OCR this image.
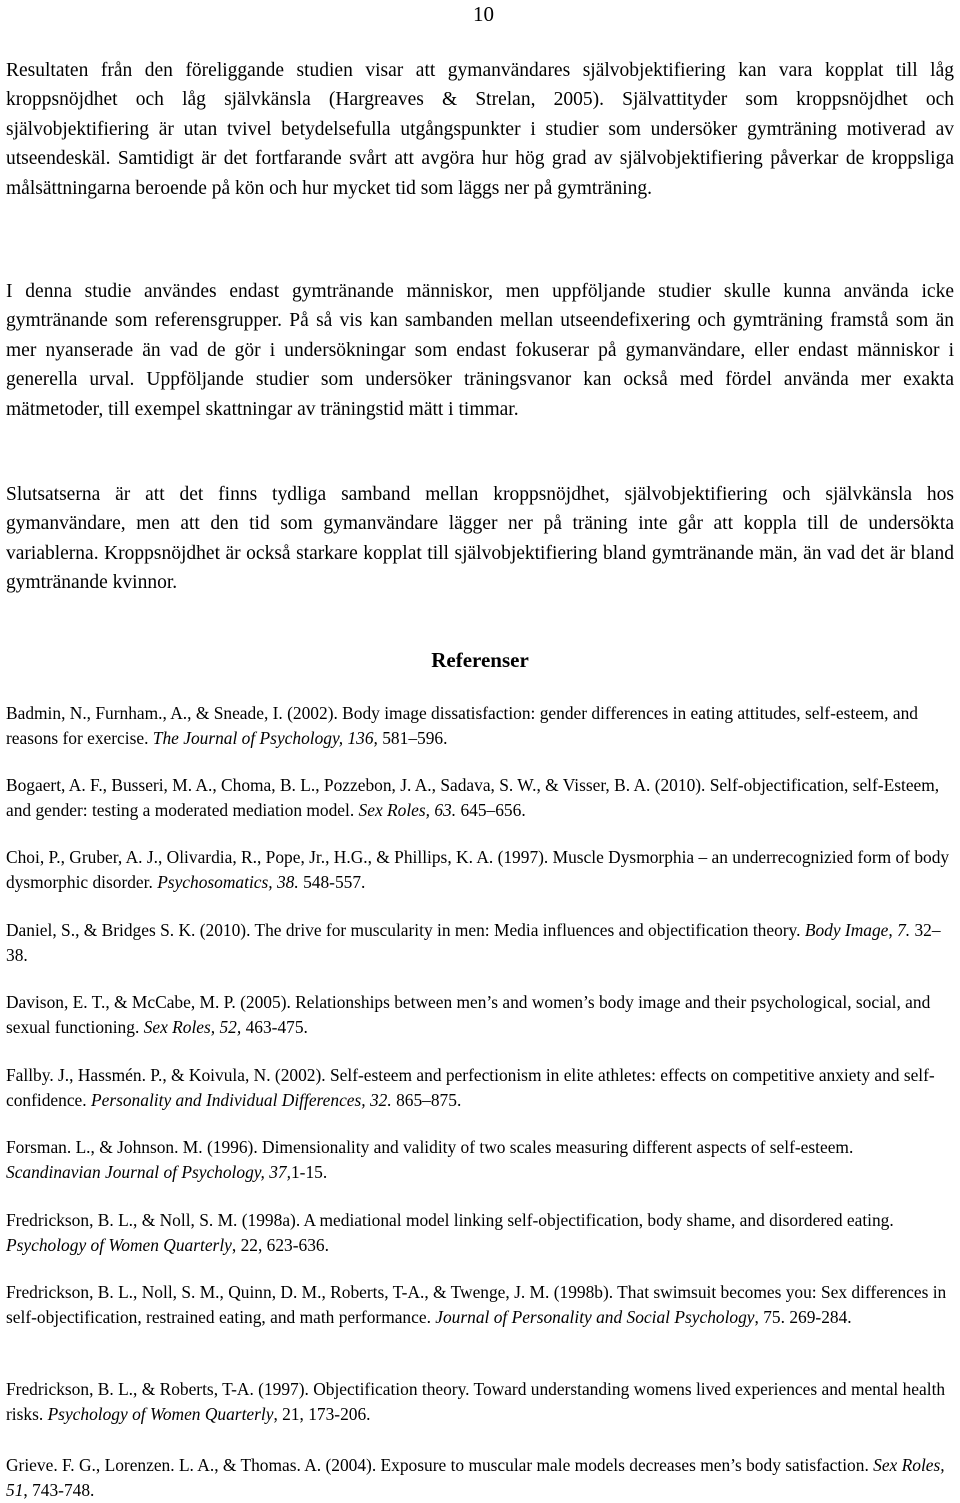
10

Resultaten från den föreliggande studien visar att gymanvändares självobjektifiering kan vara kopplat till låg kroppsnöjdhet och låg självkänsla (Hargreaves & Strelan, 2005). Självattityder som kroppsnöjdhet och självobjektifiering är utan tvivel betydelsefulla utgångspunkter i studier som undersöker gymträning motiverad av utseendeskäl. Samtidigt är det fortfarande svårt att avgöra hur hög grad av självobjektifiering påverkar de kroppsliga målsättningarna beroende på kön och hur mycket tid som läggs ner på gymträning.

I denna studie användes endast gymtränande människor, men uppföljande studier skulle kunna använda icke gymtränande som referensgrupper. På så vis kan sambanden mellan utseendefixering och gymträning framstå som än mer nyanserade än vad de gör i undersökningar som endast fokuserar på gymanvändare, eller endast människor i generella urval. Uppföljande studier som undersöker träningsvanor kan också med fördel använda mer exakta mätmetoder, till exempel skattningar av träningstid mätt i timmar.

Slutsatserna är att det finns tydliga samband mellan kroppsnöjdhet, självobjektifiering och självkänsla hos gymanvändare, men att den tid som gymanvändare lägger ner på träning inte går att koppla till de undersökta variablerna. Kroppsnöjdhet är också starkare kopplat till självobjektifiering bland gymtränande män, än vad det är bland gymtränande kvinnor.

Referenser

Badmin, N., Furnham., A., & Sneade, I. (2002). Body image dissatisfaction: gender differences in eating attitudes, self-esteem, and reasons for exercise. The Journal of Psychology, 136, 581–596.

Bogaert, A. F., Busseri, M. A., Choma, B. L., Pozzebon, J. A., Sadava, S. W., & Visser, B. A. (2010). Self-objectification, self-Esteem, and gender: testing a moderated mediation model. Sex Roles, 63. 645–656.

Choi, P., Gruber, A. J., Olivardia, R., Pope, Jr., H.G., & Phillips, K. A. (1997). Muscle Dysmorphia – an underrecognizied form of body dysmorphic disorder. Psychosomatics, 38. 548-557.

Daniel, S., & Bridges S. K. (2010). The drive for muscularity in men: Media influences and objectification theory. Body Image, 7. 32–38.

Davison, E. T., & McCabe, M. P. (2005). Relationships between men’s and women’s body image and their psychological, social, and sexual functioning. Sex Roles, 52, 463-475.

Fallby. J., Hassmén. P., & Koivula, N. (2002). Self-esteem and perfectionism in elite athletes: effects on competitive anxiety and self-confidence. Personality and Individual Differences, 32. 865–875.

Forsman. L., & Johnson. M. (1996). Dimensionality and validity of two scales measuring different aspects of self-esteem. Scandinavian Journal of Psychology, 37,1-15.

Fredrickson, B. L., & Noll, S. M. (1998a). A mediational model linking self-objectification, body shame, and disordered eating. Psychology of Women Quarterly, 22, 623-636.

Fredrickson, B. L., Noll, S. M., Quinn, D. M., Roberts, T-A., & Twenge, J. M. (1998b). That swimsuit becomes you: Sex differences in self-objectification, restrained eating, and math performance. Journal of Personality and Social Psychology, 75. 269-284.

Fredrickson, B. L., & Roberts, T-A. (1997). Objectification theory. Toward understanding womens lived experiences and mental health risks. Psychology of Women Quarterly, 21, 173-206.

Grieve. F. G., Lorenzen. L. A., & Thomas. A. (2004). Exposure to muscular male models decreases men’s body satisfaction. Sex Roles, 51, 743-748.
